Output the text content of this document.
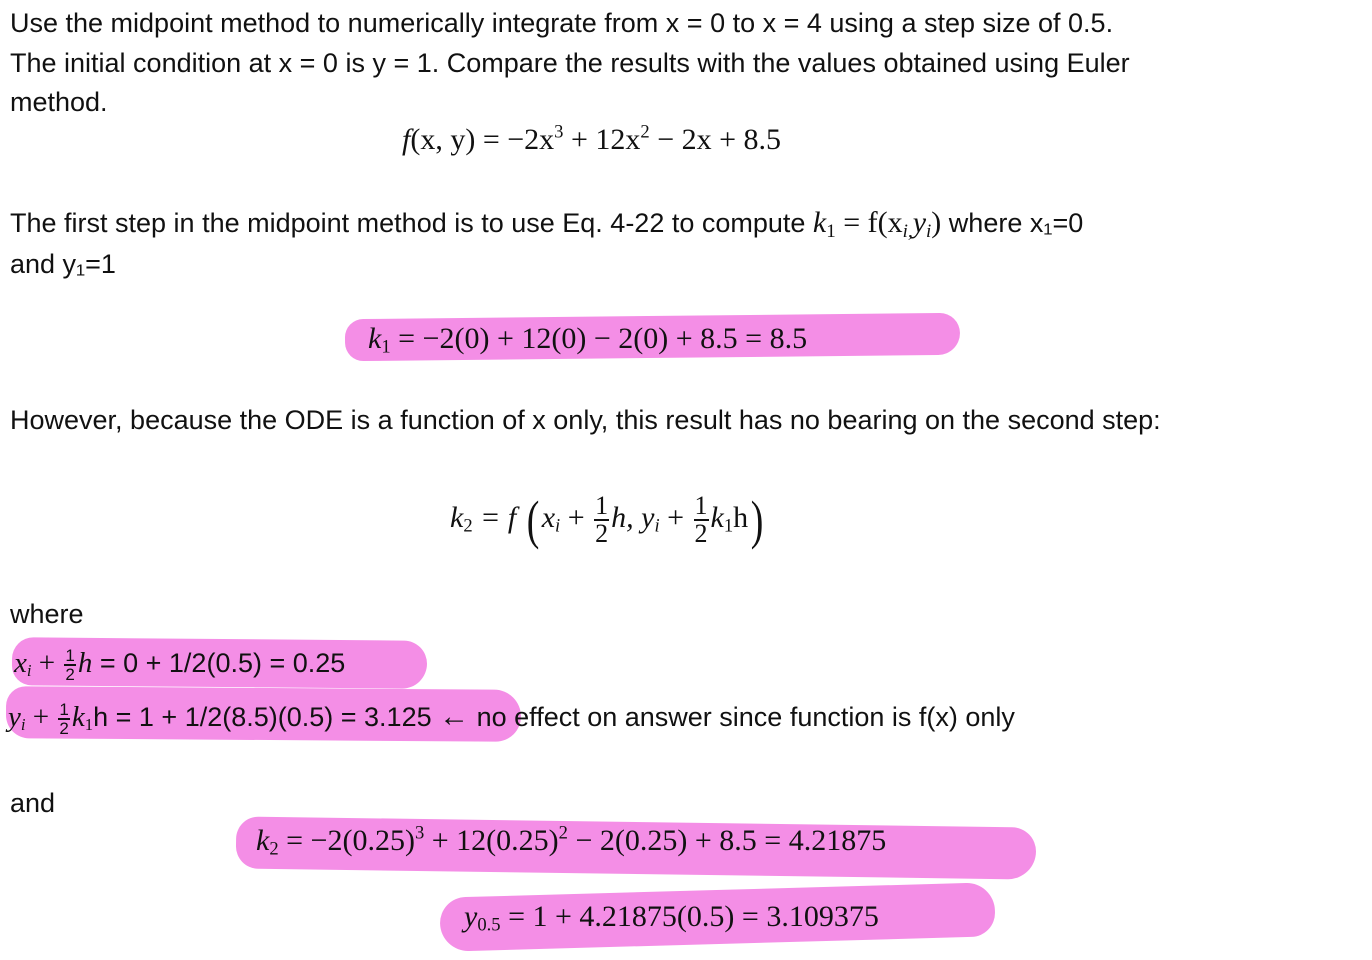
Use the midpoint method to numerically integrate from x = 0 to x = 4 using a step size of 0.5.
The initial condition at x = 0 is y = 1. Compare the results with the values obtained using Euler
method.
f(x, $y) = -2x^3 + 12x^2 - 2x + 8.5$
The first step in the midpoint method is to use Eq. 4-22 to compute $k_1 = f(x_{i,}y_i)$ where x₁=0
and y₁=1
$k_1 = -2(0) + 12(0) - 2(0) + 8.5 = 8.5$
However, because the ODE is a function of x only, this result has no bearing on the second step:
$k_2 = f$ ($x_i + \frac{1}{2} h$, $y_i + \frac{1}{2} k_1h$)
where
$x_i + \frac{1}{2}$ h = 0 + 1/2(0.5) = 0.25
$y_i + \frac{1}{2} k_1h = 1 + 1/2(8.5)(0.5) = 3.125$ ← no effect on answer since function is f(x) only
and
$k_2 = -2(0.25)^3 + 12(0.25)^2 - 2(0.25) + 8.5 = 4.21875$
$y_{0.5} = 1 + 4.21875(0.5) = 3.109375$
